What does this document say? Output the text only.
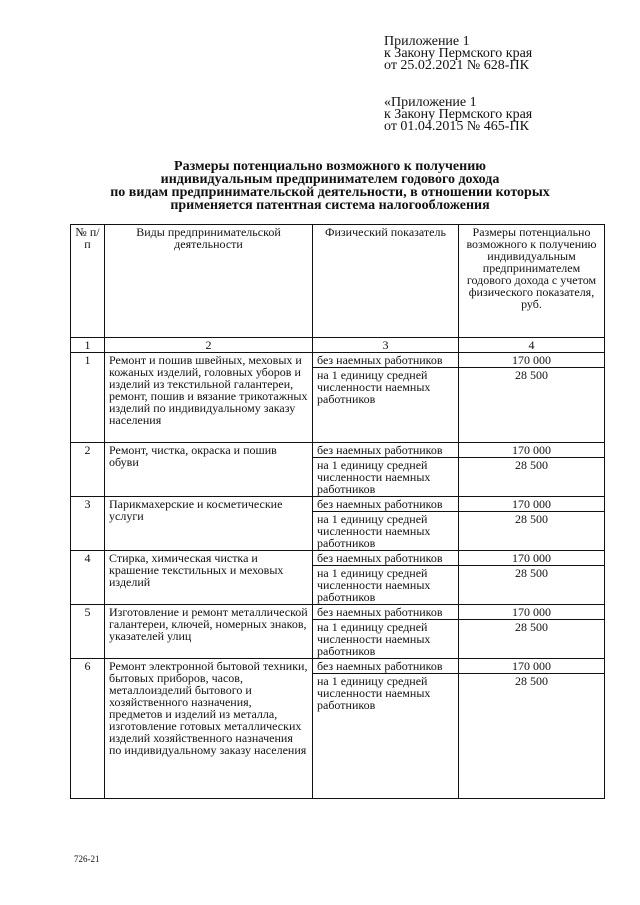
Приложение 1
к Закону Пермского края
от 25.02.2021 № 628-ПК
«Приложение 1
к Закону Пермского края
от 01.04.2015 № 465-ПК
Размеры потенциально возможного к получению
индивидуальным предпринимателем годового дохода
по видам предпринимательской деятельности, в отношении которых
применяется патентная система налогообложения
№ п/п	Виды предпринимательской деятельности	Физический показатель	Размеры потенциально возможного к получению индивидуальным предпринимателем годового дохода с учетом физического показателя, руб.
1	2	3	4
1	Ремонт и пошив швейных, меховых и кожаных изделий, головных уборов и изделий из текстильной галантереи, ремонт, пошив и вязание трикотажных изделий по индивидуальному заказу населения	без наемных работников	170 000
		на 1 единицу средней численности наемных работников	28 500
2	Ремонт, чистка, окраска и пошив обуви	без наемных работников	170 000
		на 1 единицу средней численности наемных работников	28 500
3	Парикмахерские и косметические услуги	без наемных работников	170 000
		на 1 единицу средней численности наемных работников	28 500
4	Стирка, химическая чистка и крашение текстильных и меховых изделий	без наемных работников	170 000
		на 1 единицу средней численности наемных работников	28 500
5	Изготовление и ремонт металлической галантереи, ключей, номерных знаков, указателей улиц	без наемных работников	170 000
		на 1 единицу средней численности наемных работников	28 500
6	Ремонт электронной бытовой техники, бытовых приборов, часов, металлоизделий бытового и хозяйственного назначения, предметов и изделий из металла, изготовление готовых металлических изделий хозяйственного назначения по индивидуальному заказу населения	без наемных работников	170 000
		на 1 единицу средней численности наемных работников	28 500
726-21
